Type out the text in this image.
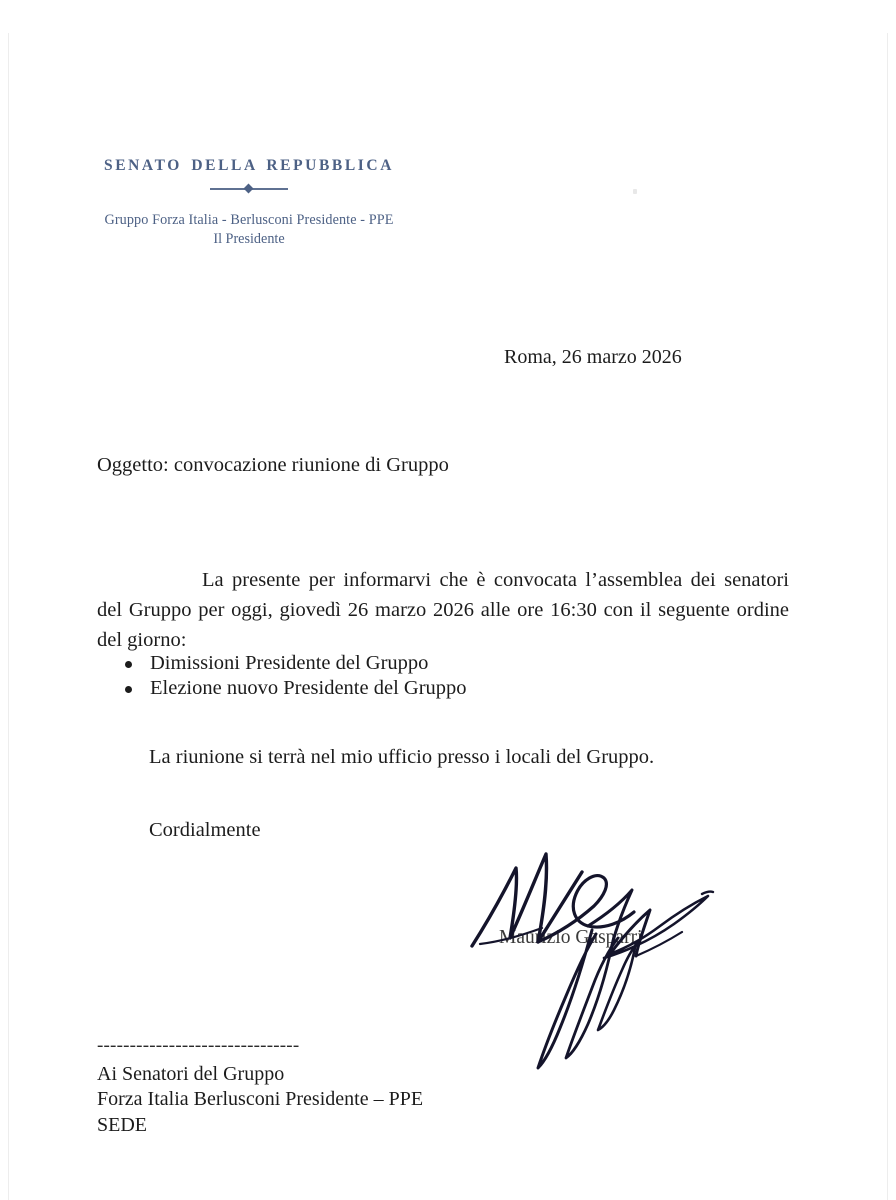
SENATO DELLA REPUBBLICA
Gruppo Forza Italia - Berlusconi Presidente - PPE
Il Presidente
Roma, 26 marzo 2026
Oggetto: convocazione riunione di Gruppo
La presente per informarvi che è convocata l’assemblea dei senatori del Gruppo per oggi, giovedì 26 marzo 2026 alle ore 16:30 con il seguente ordine del giorno:
Dimissioni Presidente del Gruppo
Elezione nuovo Presidente del Gruppo
La riunione si terrà nel mio ufficio presso i locali del Gruppo.
Cordialmente
Maurizio Gasparri
-------------------------------
Ai Senatori del Gruppo
Forza Italia Berlusconi Presidente – PPE
SEDE
